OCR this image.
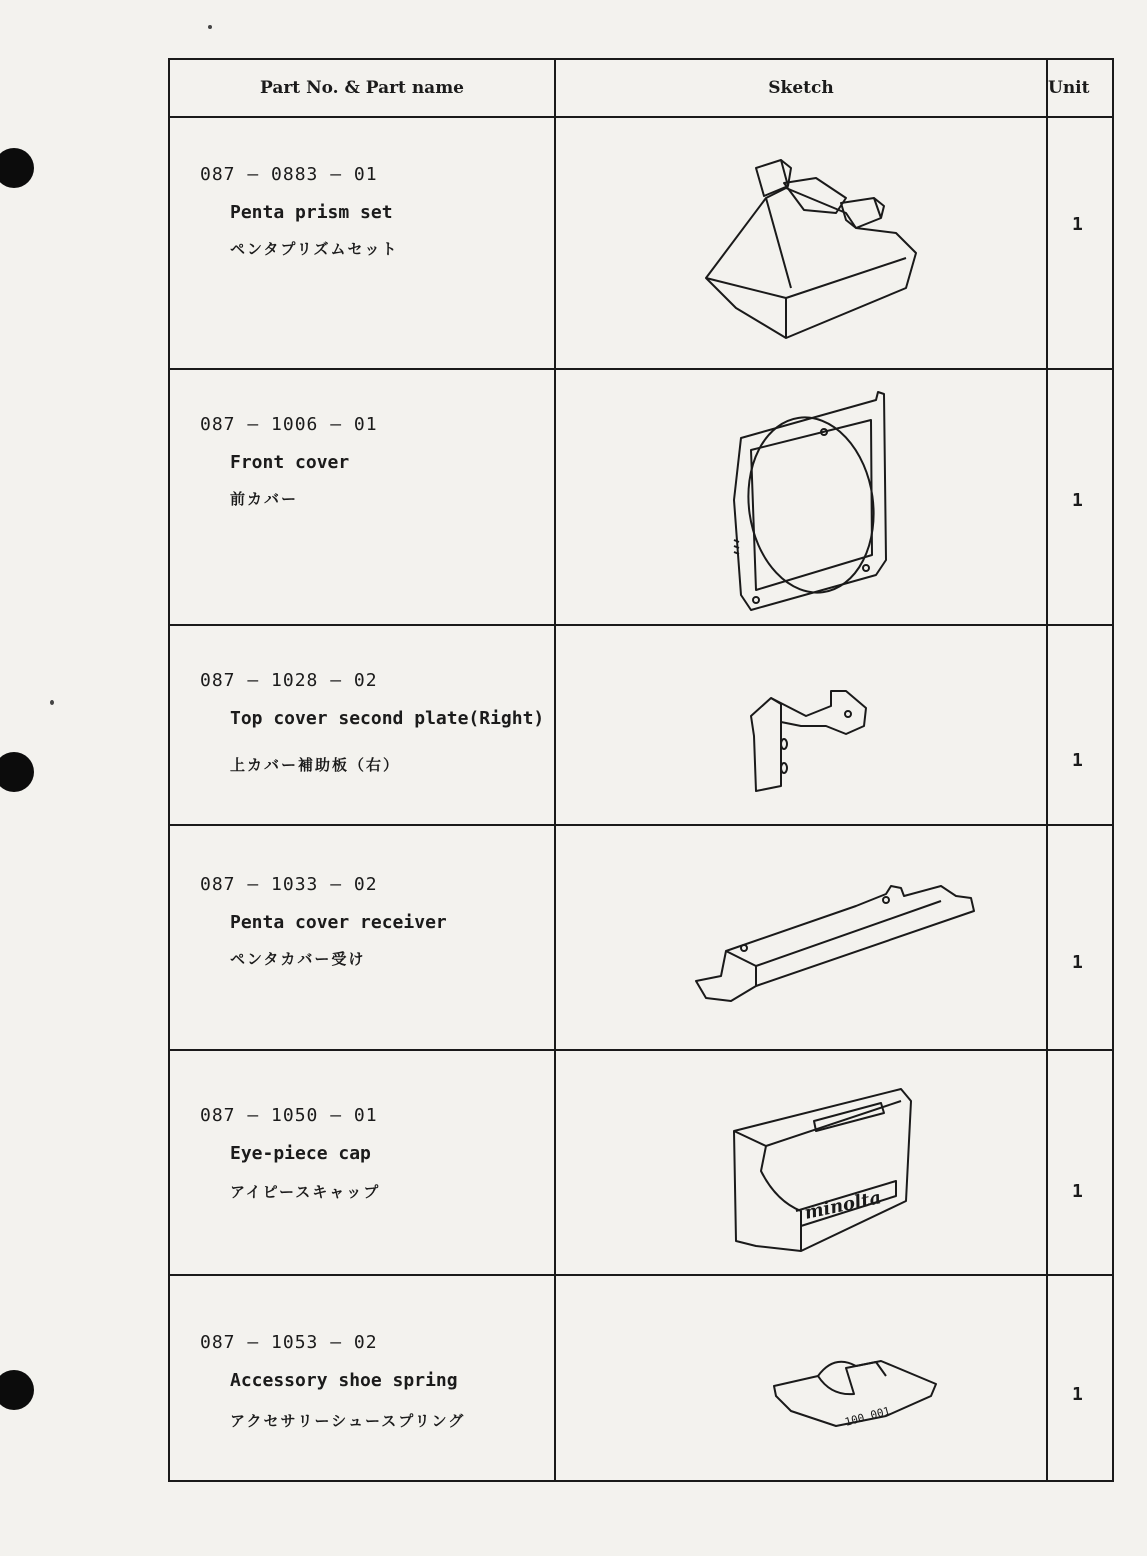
Part No. & Part name	Sketch	Unit

087 – 0883 – 01
Penta prism set
ペンタプリズムセット		1

087 – 1006 – 01
Front cover
前カバー		1

087 – 1028 – 02
Top cover second plate(Right)
上カバー補助板（右）		1

087 – 1033 – 02
Penta cover receiver
ペンタカバー受け		1

087 – 1050 – 01
Eye-piece cap
アイピースキャップ	minolta	1

087 – 1053 – 02
Accessory shoe spring
アクセサリーシュースプリング	100 001	1
